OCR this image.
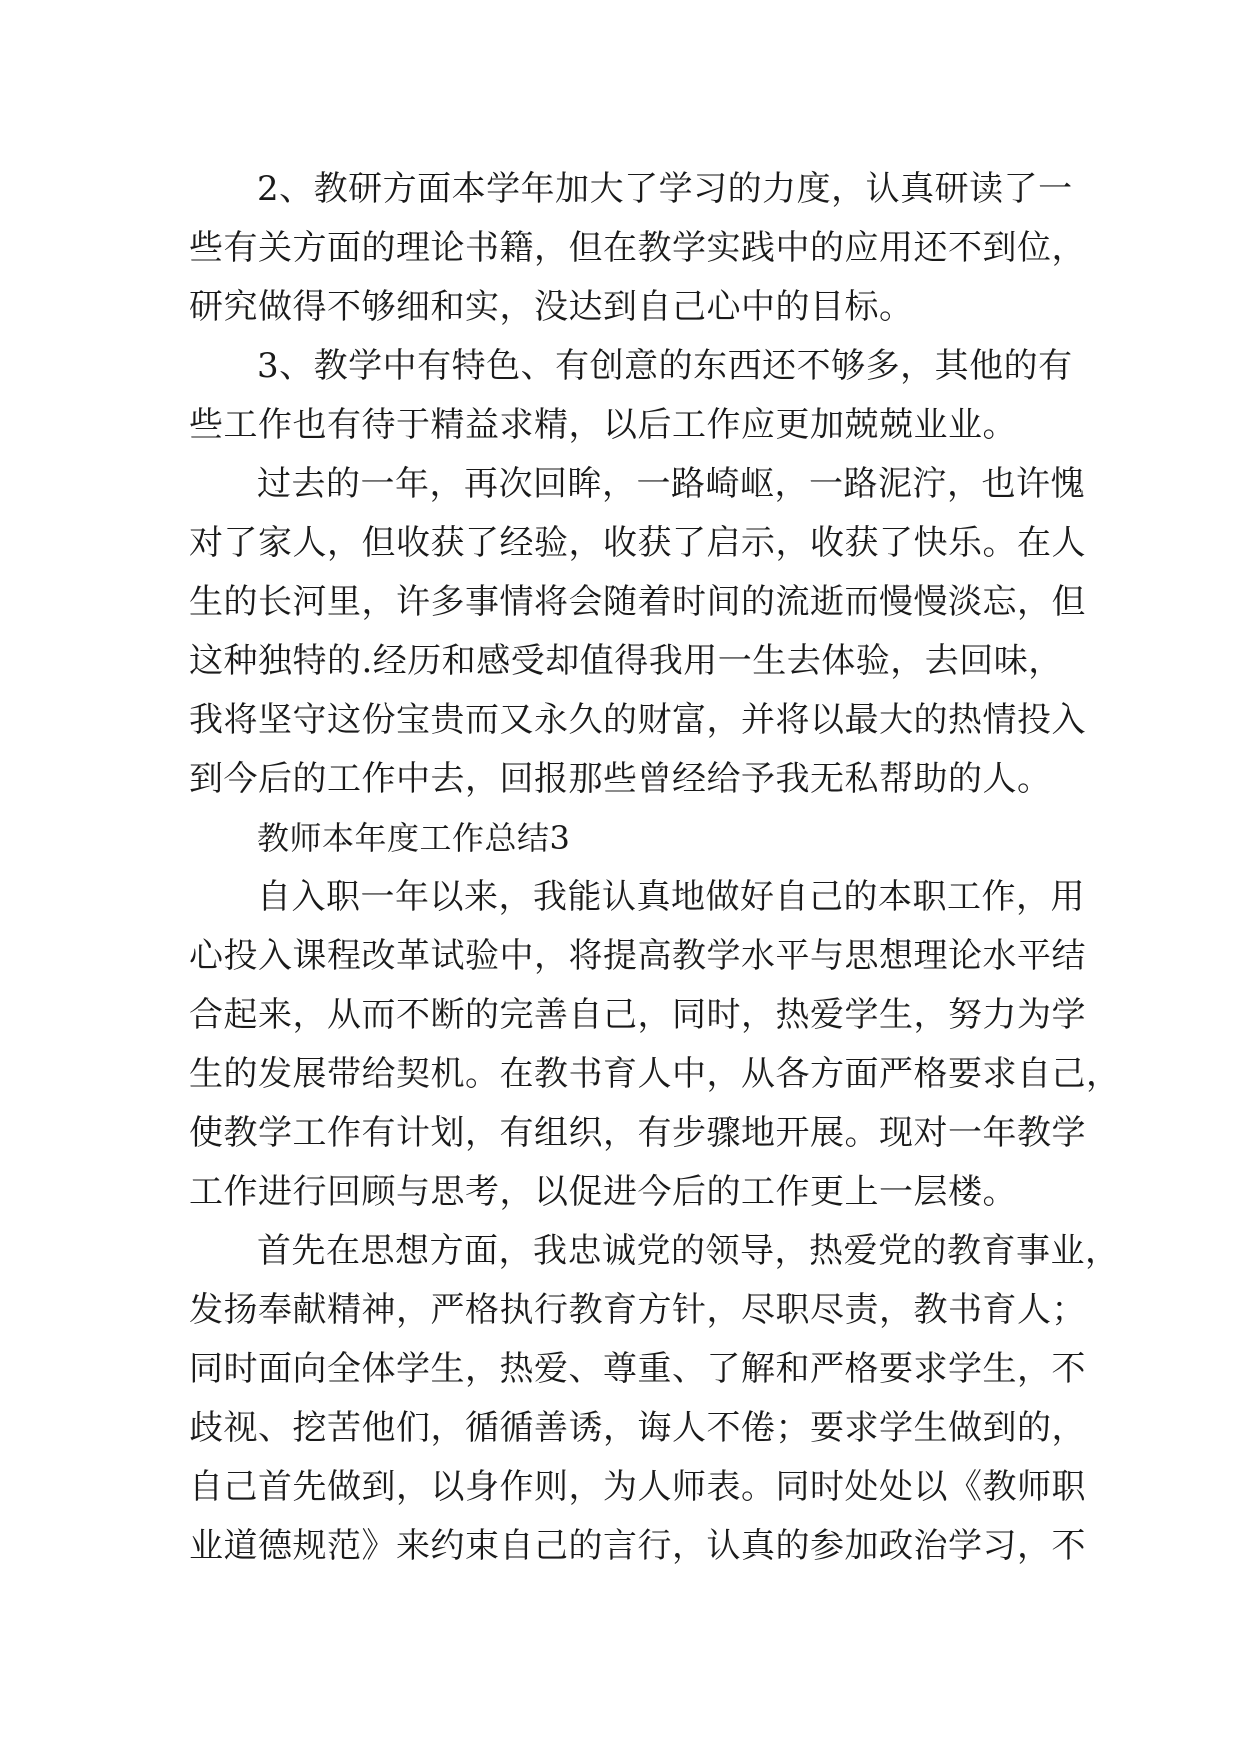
2、教研方面本学年加大了学习的力度，认真研读了一
些有关方面的理论书籍，但在教学实践中的应用还不到位，
研究做得不够细和实，没达到自己心中的目标。
3、教学中有特色、有创意的东西还不够多，其他的有
些工作也有待于精益求精，以后工作应更加兢兢业业。
过去的一年，再次回眸，一路崎岖，一路泥泞，也许愧
对了家人，但收获了经验，收获了启示，收获了快乐。在人
生的长河里，许多事情将会随着时间的流逝而慢慢淡忘，但
这种独特的.经历和感受却值得我用一生去体验，去回味，
我将坚守这份宝贵而又永久的财富，并将以最大的热情投入
到今后的工作中去，回报那些曾经给予我无私帮助的人。
教师本年度工作总结3
自入职一年以来，我能认真地做好自己的本职工作，用
心投入课程改革试验中，将提高教学水平与思想理论水平结
合起来，从而不断的完善自己，同时，热爱学生，努力为学
生的发展带给契机。在教书育人中，从各方面严格要求自己，
使教学工作有计划，有组织，有步骤地开展。现对一年教学
工作进行回顾与思考，以促进今后的工作更上一层楼。
首先在思想方面，我忠诚党的领导，热爱党的教育事业，
发扬奉献精神，严格执行教育方针，尽职尽责，教书育人；
同时面向全体学生，热爱、尊重、了解和严格要求学生，不
歧视、挖苦他们，循循善诱，诲人不倦；要求学生做到的，
自己首先做到，以身作则，为人师表。同时处处以《教师职
业道德规范》来约束自己的言行，认真的参加政治学习，不
